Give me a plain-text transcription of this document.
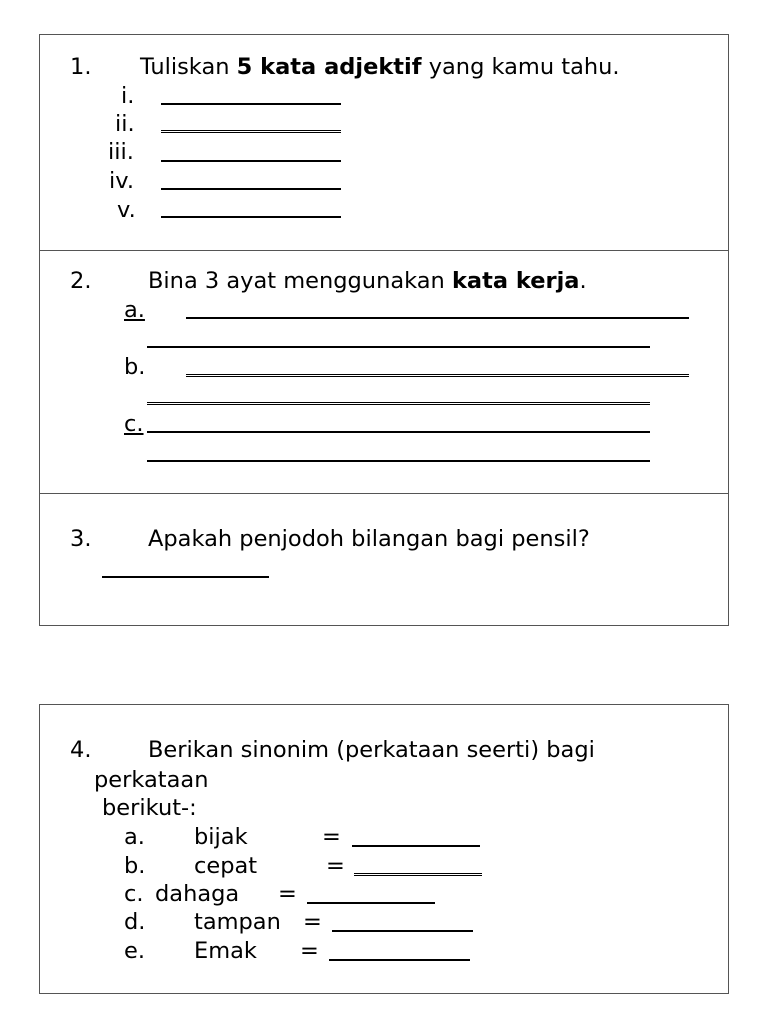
1. Tuliskan 5 kata adjektif yang kamu tahu.
i.
ii.
iii.
iv.
v.
2.	Bina 3 ayat menggunakan kata kerja.
a.
b.
c.
3.	Apakah penjodoh bilangan bagi pensil?
4.	Berikan sinonim (perkataan seerti) bagi
perkataan
berikut-:
a. bijak	=
b. cepat	=
c. dahaga =
d. tampan =
e. Emak =
